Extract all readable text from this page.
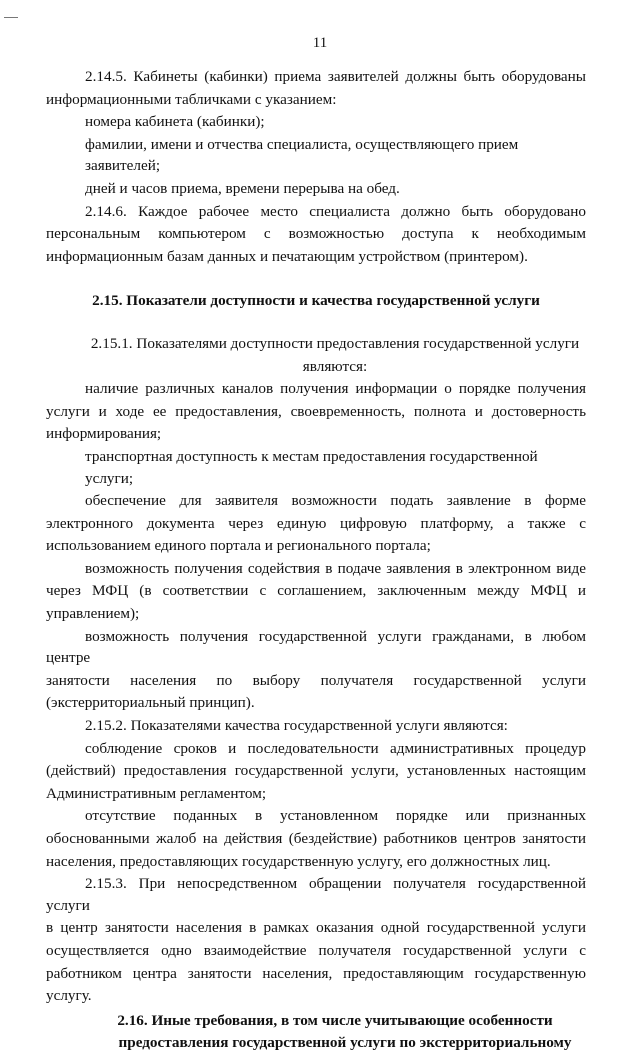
11

2.14.5. Кабинеты (кабинки) приема заявителей должны быть оборудованы

информационными табличками с указанием:

номера кабинета (кабинки);

фамилии, имени и отчества специалиста, осуществляющего прием заявителей;

дней и часов приема, времени перерыва на обед.

2.14.6. Каждое рабочее место специалиста должно быть оборудовано

персональным компьютером с возможностью доступа к необходимым

информационным базам данных и печатающим устройством (принтером).

2.15. Показатели доступности и качества государственной услуги

2.15.1. Показателями доступности предоставления государственной услуги

являются:

наличие различных каналов получения информации о порядке получения

услуги и ходе ее предоставления, своевременность, полнота и достоверность

информирования;

транспортная доступность к местам предоставления государственной услуги;

обеспечение для заявителя возможности подать заявление в форме

электронного документа через единую цифровую платформу, а также с

использованием единого портала и регионального портала;

возможность получения содействия в подаче заявления в электронном виде

через МФЦ (в соответствии с соглашением, заключенным между МФЦ и

управлением);

возможность получения государственной услуги гражданами, в любом центре

занятости населения по выбору получателя государственной услуги

(экстерриториальный принцип).

2.15.2. Показателями качества государственной услуги являются:

соблюдение сроков и последовательности административных процедур

(действий) предоставления государственной услуги, установленных настоящим

Административным регламентом;

отсутствие поданных в установленном порядке или признанных

обоснованными жалоб на действия (бездействие) работников центров занятости

населения, предоставляющих государственную услугу, его должностных лиц.

2.15.3. При непосредственном обращении получателя государственной услуги

в центр занятости населения в рамках оказания одной государственной услуги

осуществляется одно взаимодействие получателя государственной услуги с

работником центра занятости населения, предоставляющим государственную

услугу.

2.16. Иные требования, в том числе учитывающие особенности

предоставления государственной услуги по экстерриториальному
